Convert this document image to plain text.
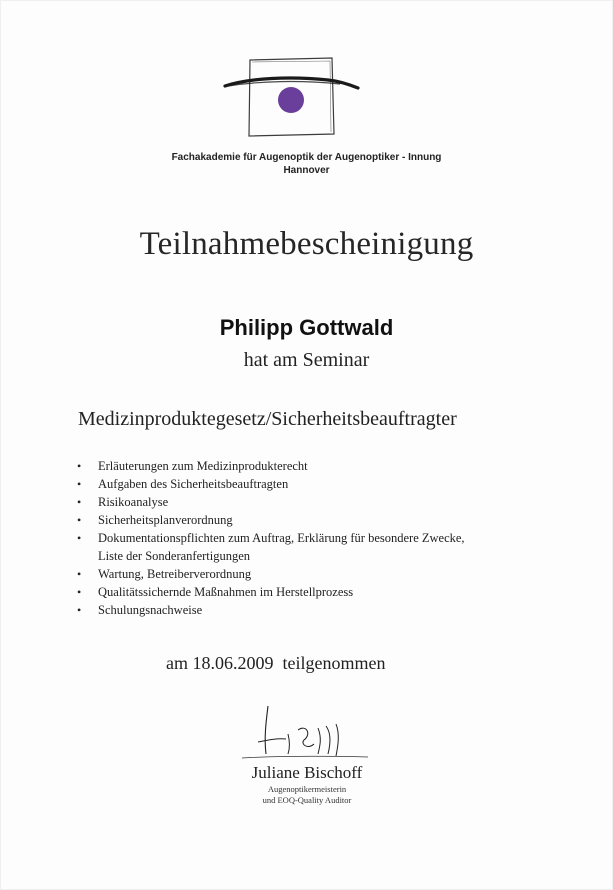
Fachakademie für Augenoptik der Augenoptiker - Innung
Hannover
Teilnahmebescheinigung
Philipp Gottwald
hat am Seminar
Medizinproduktegesetz/Sicherheitsbeauftragter
• Erläuterungen zum Medizinprodukterecht
• Aufgaben des Sicherheitsbeauftragten
• Risikoanalyse
• Sicherheitsplanverordnung
• Dokumentationspflichten zum Auftrag, Erklärung für besondere Zwecke,
Liste der Sonderanfertigungen
• Wartung, Betreiberverordnung
• Qualitätssichernde Maßnahmen im Herstellprozess
• Schulungsnachweise
am 18.06.2009  teilgenommen
Juliane Bischoff
Augenoptikermeisterin
und EOQ-Quality Auditor
